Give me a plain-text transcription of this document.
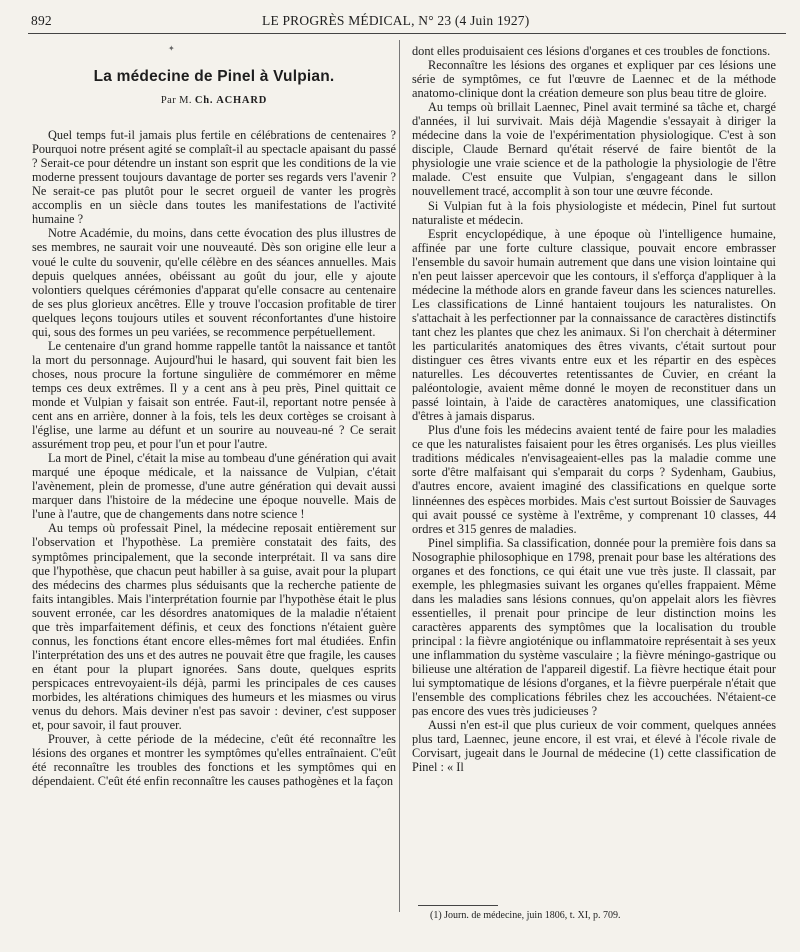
892	LE PROGRÈS MÉDICAL, N° 23 (4 Juin 1927)
✦
La médecine de Pinel à Vulpian.
Par M. Ch. ACHARD

Quel temps fut-il jamais plus fertile en célébrations de centenaires ? Pourquoi notre présent agité se complaît-il au spectacle apaisant du passé ? Serait-ce pour détendre un instant son esprit que les conditions de la vie moderne pressent toujours davantage de porter ses regards vers l'avenir ? Ne serait-ce pas plutôt pour le secret orgueil de vanter les progrès accomplis en un siècle dans toutes les manifestations de l'activité humaine ?

Notre Académie, du moins, dans cette évocation des plus illustres de ses membres, ne saurait voir une nouveauté. Dès son origine elle leur a voué le culte du souvenir, qu'elle célèbre en des séances annuelles. Mais depuis quelques années, obéissant au goût du jour, elle y ajoute volontiers quelques cérémonies d'apparat qu'elle consacre au centenaire de ses plus glorieux ancêtres. Elle y trouve l'occasion profitable de tirer quelques leçons toujours utiles et souvent réconfortantes d'une histoire qui, sous des formes un peu variées, se recommence perpétuellement.

Le centenaire d'un grand homme rappelle tantôt la naissance et tantôt la mort du personnage. Aujourd'hui le hasard, qui souvent fait bien les choses, nous procure la fortune singulière de commémorer en même temps ces deux extrêmes. Il y a cent ans à peu près, Pinel quittait ce monde et Vulpian y faisait son entrée. Faut-il, reportant notre pensée à cent ans en arrière, donner à la fois, tels les deux cortèges se croisant à l'église, une larme au défunt et un sourire au nouveau-né ? Ce serait assurément trop peu, et pour l'un et pour l'autre.

La mort de Pinel, c'était la mise au tombeau d'une génération qui avait marqué une époque médicale, et la naissance de Vulpian, c'était l'avènement, plein de promesse, d'une autre génération qui devait aussi marquer dans l'histoire de la médecine une époque nouvelle. Mais de l'une à l'autre, que de changements dans notre science !

Au temps où professait Pinel, la médecine reposait entièrement sur l'observation et l'hypothèse. La première constatait des faits, des symptômes principalement, que la seconde interprétait. Il va sans dire que l'hypothèse, que chacun peut habiller à sa guise, avait pour la plupart des médecins des charmes plus séduisants que la recherche patiente de faits intangibles. Mais l'interprétation fournie par l'hypothèse était le plus souvent erronée, car les désordres anatomiques de la maladie n'étaient que très imparfaitement définis, et ceux des fonctions n'étaient guère connus, les fonctions étant encore elles-mêmes fort mal étudiées. Enfin l'interprétation des uns et des autres ne pouvait être que fragile, les causes en étant pour la plupart ignorées. Sans doute, quelques esprits perspicaces entrevoyaient-ils déjà, parmi les principales de ces causes morbides, les altérations chimiques des humeurs et les miasmes ou virus venus du dehors. Mais deviner n'est pas savoir : deviner, c'est supposer et, pour savoir, il faut prouver.

Prouver, à cette période de la médecine, c'eût été reconnaître les lésions des organes et montrer les symptômes qu'elles entraînaient. C'eût été reconnaître les troubles des fonctions et les symptômes qui en dépendaient. C'eût été enfin reconnaître les causes pathogènes et la façon

dont elles produisaient ces lésions d'organes et ces troubles de fonctions.

Reconnaître les lésions des organes et expliquer par ces lésions une série de symptômes, ce fut l'œuvre de Laennec et de la méthode anatomo-clinique dont la création demeure son plus beau titre de gloire.

Au temps où brillait Laennec, Pinel avait terminé sa tâche et, chargé d'années, il lui survivait. Mais déjà Magendie s'essayait à diriger la médecine dans la voie de l'expérimentation physiologique. C'est à son disciple, Claude Bernard qu'était réservé de faire bientôt de la physiologie une vraie science et de la pathologie la physiologie de l'être malade. C'est ensuite que Vulpian, s'engageant dans le sillon nouvellement tracé, accomplit à son tour une œuvre féconde.

Si Vulpian fut à la fois physiologiste et médecin, Pinel fut surtout naturaliste et médecin.

Esprit encyclopédique, à une époque où l'intelligence humaine, affinée par une forte culture classique, pouvait encore embrasser l'ensemble du savoir humain autrement que dans une vision lointaine qui n'en peut laisser apercevoir que les contours, il s'efforça d'appliquer à la médecine la méthode alors en grande faveur dans les sciences naturelles. Les classifications de Linné hantaient toujours les naturalistes. On s'attachait à les perfectionner par la connaissance de caractères distinctifs tant chez les plantes que chez les animaux. Si l'on cherchait à déterminer les particularités anatomiques des êtres vivants, c'était surtout pour distinguer ces êtres vivants entre eux et les répartir en des espèces naturelles. Les découvertes retentissantes de Cuvier, en créant la paléontologie, avaient même donné le moyen de reconstituer dans un passé lointain, à l'aide de caractères anatomiques, une classification d'êtres à jamais disparus.

Plus d'une fois les médecins avaient tenté de faire pour les maladies ce que les naturalistes faisaient pour les êtres organisés. Les plus vieilles traditions médicales n'envisageaient-elles pas la maladie comme une sorte d'être malfaisant qui s'emparait du corps ? Sydenham, Gaubius, d'autres encore, avaient imaginé des classifications en quelque sorte linnéennes des espèces morbides. Mais c'est surtout Boissier de Sauvages qui avait poussé ce système à l'extrême, y comprenant 10 classes, 44 ordres et 315 genres de maladies.

Pinel simplifia. Sa classification, donnée pour la première fois dans sa Nosographie philosophique en 1798, prenait pour base les altérations des organes et des fonctions, ce qui était une vue très juste. Il classait, par exemple, les phlegmasies suivant les organes qu'elles frappaient. Même dans les maladies sans lésions connues, qu'on appelait alors les fièvres essentielles, il prenait pour principe de leur distinction moins les caractères apparents des symptômes que la localisation du trouble principal : la fièvre angioténique ou inflammatoire représentait à ses yeux une inflammation du système vasculaire ; la fièvre méningo-gastrique ou bilieuse une altération de l'appareil digestif. La fièvre hectique était pour lui symptomatique de lésions d'organes, et la fièvre puerpérale n'était que l'ensemble des complications fébriles chez les accouchées. N'étaient-ce pas encore des vues très judicieuses ?

Aussi n'en est-il que plus curieux de voir comment, quelques années plus tard, Laennec, jeune encore, il est vrai, et élevé à l'école rivale de Corvisart, jugeait dans le Journal de médecine (1) cette classification de Pinel : « Il

(1) Journ. de médecine, juin 1806, t. XI, p. 709.
